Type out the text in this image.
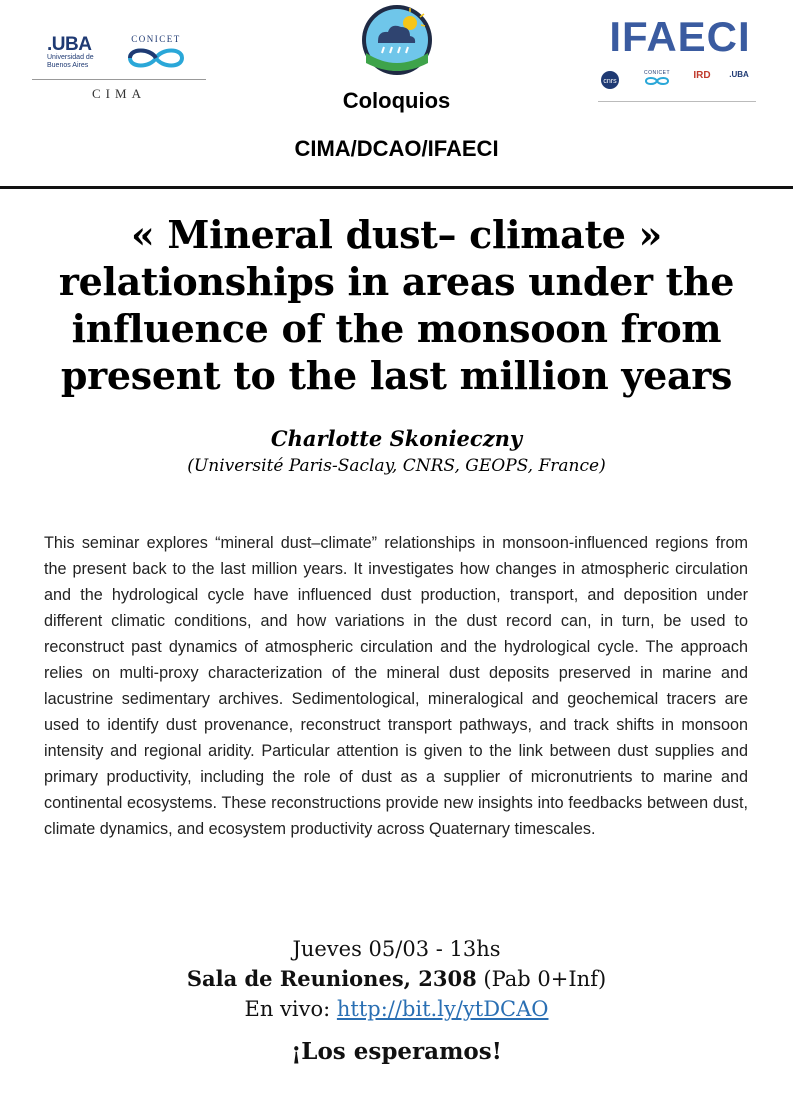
.UBA
Universidad de
Buenos Aires
CONICET
CIMA	Coloquios
CIMA/DCAO/IFAECI
IFAECI
cnrs
CONICET	IRD	.UBA
« Mineral dust– climate » relationships in areas under the influence of the monsoon from present to the last million years
Charlotte Skonieczny
(Université Paris-Saclay, CNRS, GEOPS, France)
This seminar explores “mineral dust–climate” relationships in monsoon-influenced regions from the present back to the last million years. It investigates how changes in atmospheric circulation and the hydrological cycle have influenced dust production, transport, and deposition under different climatic conditions, and how variations in the dust record can, in turn, be used to reconstruct past dynamics of atmospheric circulation and the hydrological cycle. The approach relies on multi-proxy characterization of the mineral dust deposits preserved in marine and lacustrine sedimentary archives. Sedimentological, mineralogical and geochemical tracers are used to identify dust provenance, reconstruct transport pathways, and track shifts in monsoon intensity and regional aridity. Particular attention is given to the link between dust supplies and primary productivity, including the role of dust as a supplier of micronutrients to marine and continental ecosystems. These reconstructions provide new insights into feedbacks between dust, climate dynamics, and ecosystem productivity across Quaternary timescales.
Jueves 05/03 - 13hs
Sala de Reuniones, 2308 (Pab 0+Inf)
En vivo: http://bit.ly/ytDCAO
¡Los esperamos!
